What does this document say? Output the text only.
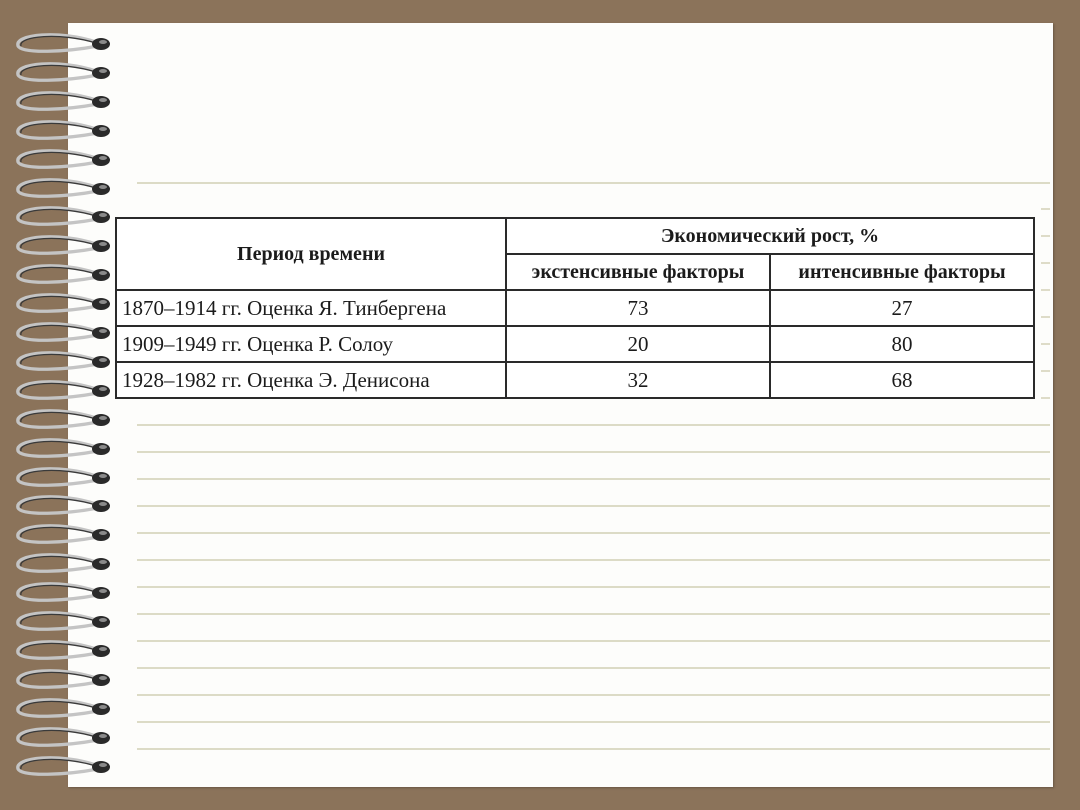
Период времени	Экономический рост, %	
	экстенсивные факторы	интенсивные факторы
1870–1914 гг. Оценка Я. Тинбергена	73	27
1909–1949 гг. Оценка Р. Солоу	20	80
1928–1982 гг. Оценка Э. Денисона	32	68
